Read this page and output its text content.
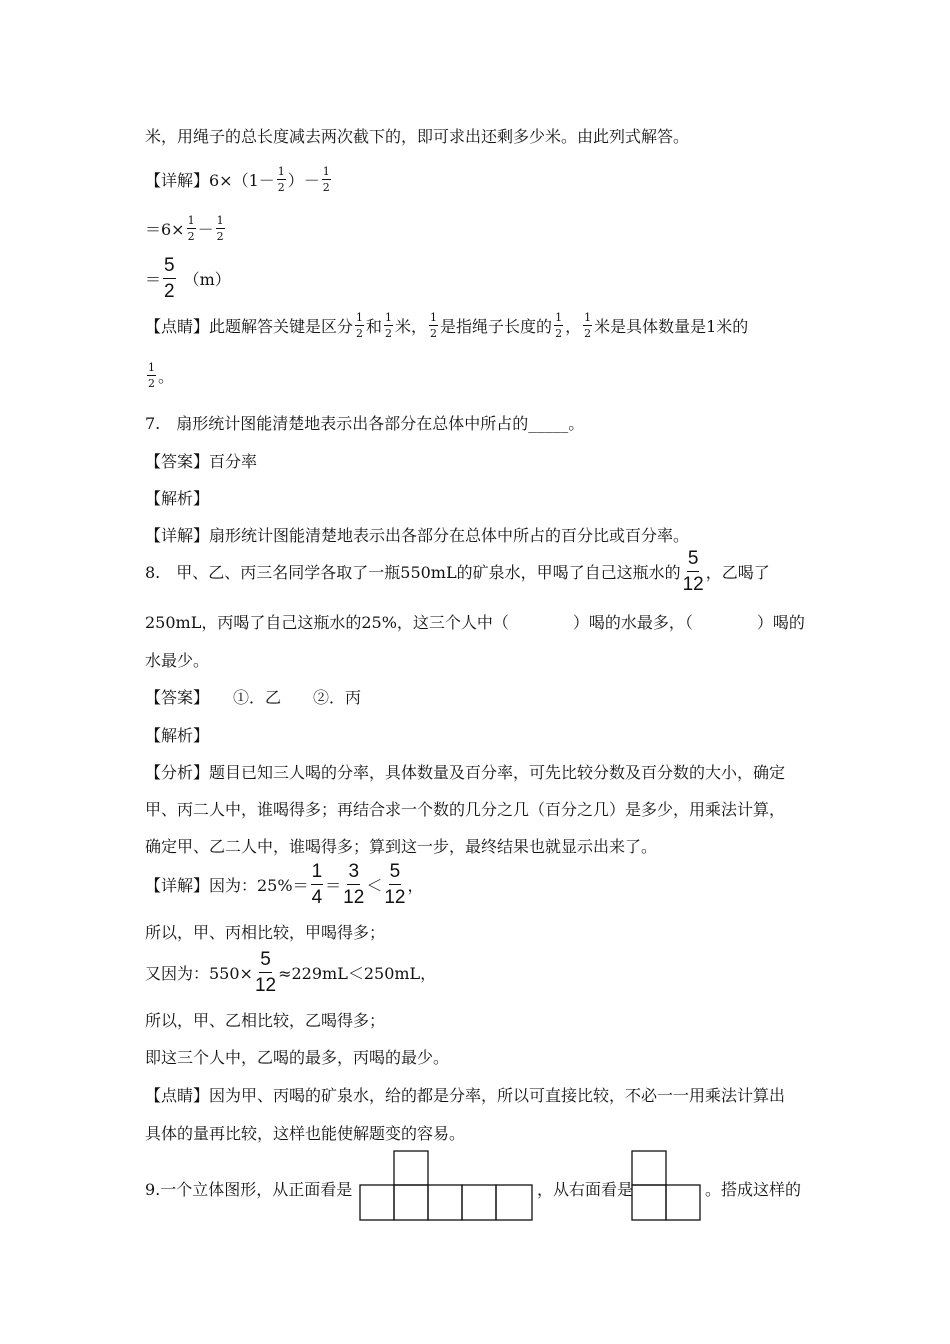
米，用绳子的总长度减去两次截下的，即可求出还剩多少米。由此列式解答。
【详解】$6\times(1- \frac{1}{2}$ ）－ $\frac{1}{2}$
$=6\times \frac{1}{2} - \frac{1}{2}$
＝ $\frac{5}{2} (m)$
【点睛】此题解答关键是区分 $\frac{1}{2}$ 和 $\frac{1}{2}$ 米， $\frac{1}{2}$ 是指绳子长度的 $\frac{1}{2}$ ， $\frac{1}{2}$ 米是具体数量是1米的
$\frac{1}{2}$ 。
7.　扇形统计图能清楚地表示出各部分在总体中所占的_____。
【答案】百分率
【解析】
【详解】扇形统计图能清楚地表示出各部分在总体中所占的百分比或百分率。
8.　甲、乙、丙三名同学各取了一瓶550mL的矿泉水，甲喝了自己这瓶水的 $\frac{5}{12}$ ，乙喝了
250mL，丙喝了自己这瓶水的25%，这三个人中（　　　　）喝的水最多，（　　　　）喝的
水最少。
【答案】　　①．乙　　②．丙
【解析】
【分析】题目已知三人喝的分率，具体数量及百分率，可先比较分数及百分数的大小，确定
甲、丙二人中，谁喝得多；再结合求一个数的几分之几（百分之几）是多少，用乘法计算，
确定甲、乙二人中，谁喝得多；算到这一步，最终结果也就显示出来了。
【详解】因为：$25\%= \frac{1}{4} = \frac{3}{12} < \frac{5}{12}$ ，
所以，甲、丙相比较，甲喝得多；
又因为：$550\times \frac{5}{12} \approx 229mL<250mL$，
所以，甲、乙相比较，乙喝得多；
即这三个人中，乙喝的最多，丙喝的最少。
【点睛】因为甲、丙喝的矿泉水，给的都是分率，所以可直接比较，不必一一用乘法计算出
具体的量再比较，这样也能使解题变的容易。
9.一个立体图形，从正面看是	，从右面看是	。搭成这样的
